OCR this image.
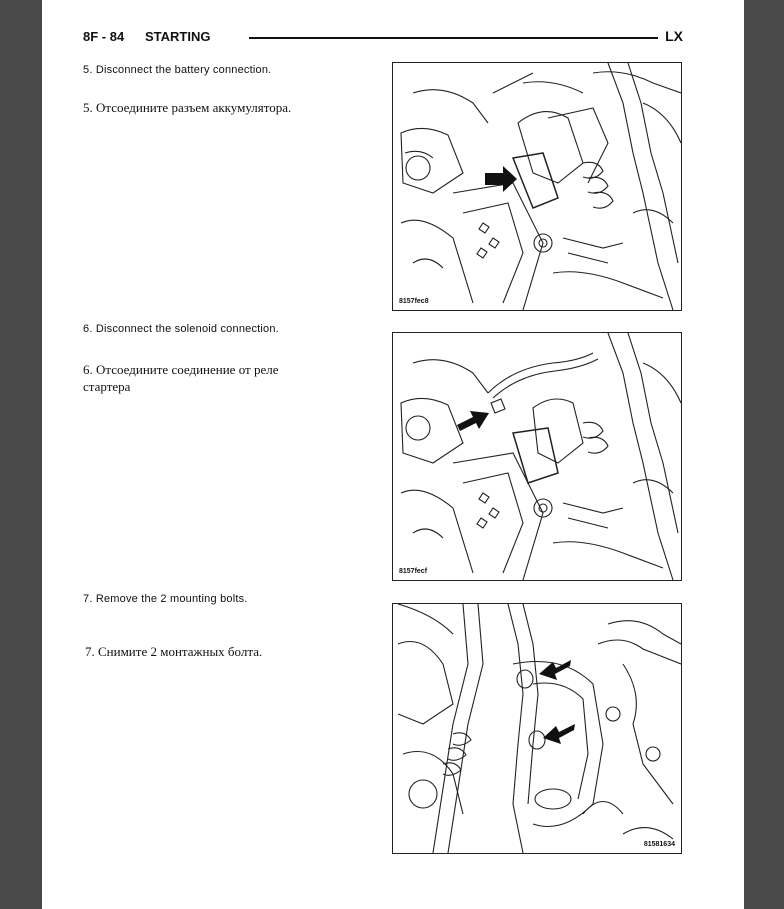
8F - 84 STARTING	LX
5. Disconnect the battery connection.
5. Отсоедините разъем аккумулятора.
8157fec8
6. Disconnect the solenoid connection.
6. Отсоедините соединение от реле стартера
8157fecf
7. Remove the 2 mounting bolts.
7. Снимите 2 монтажных болта.
81581634
